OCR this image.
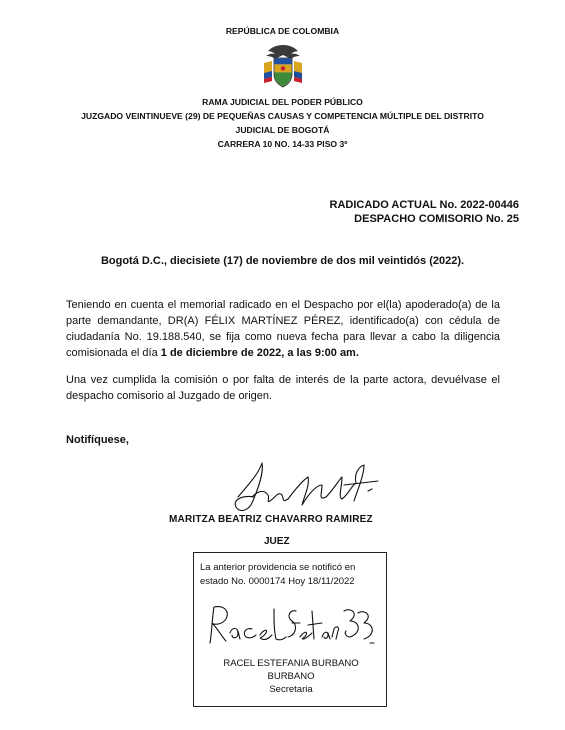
REPÚBLICA DE COLOMBIA
RAMA JUDICIAL DEL PODER PÚBLICO
JUZGADO VEINTINUEVE (29) DE PEQUEÑAS CAUSAS Y COMPETENCIA MÚLTIPLE DEL DISTRITO
JUDICIAL DE BOGOTÁ
CARRERA 10 NO. 14-33 PISO 3º
RADICADO ACTUAL No. 2022-00446
DESPACHO COMISORIO No. 25
Bogotá D.C., diecisiete (17) de noviembre de dos mil veintidós (2022).
Teniendo en cuenta el memorial radicado en el Despacho por el(la) apoderado(a) de la parte demandante, DR(A) FÉLIX MARTÍNEZ PÉREZ, identificado(a) con cédula de ciudadanía No. 19.188.540, se fija como nueva fecha para llevar a cabo la diligencia comisionada el día 1 de diciembre de 2022, a las 9:00 am.
Una vez cumplida la comisión o por falta de interés de la parte actora, devuélvase el despacho comisorio al Juzgado de origen.
Notifíquese,
MARITZA BEATRIZ CHAVARRO RAMIREZ
JUEZ
La anterior providencia se notificó en
estado No. 0000174 Hoy 18/11/2022
RACEL ESTEFANIA BURBANO
BURBANO
Secretaria
